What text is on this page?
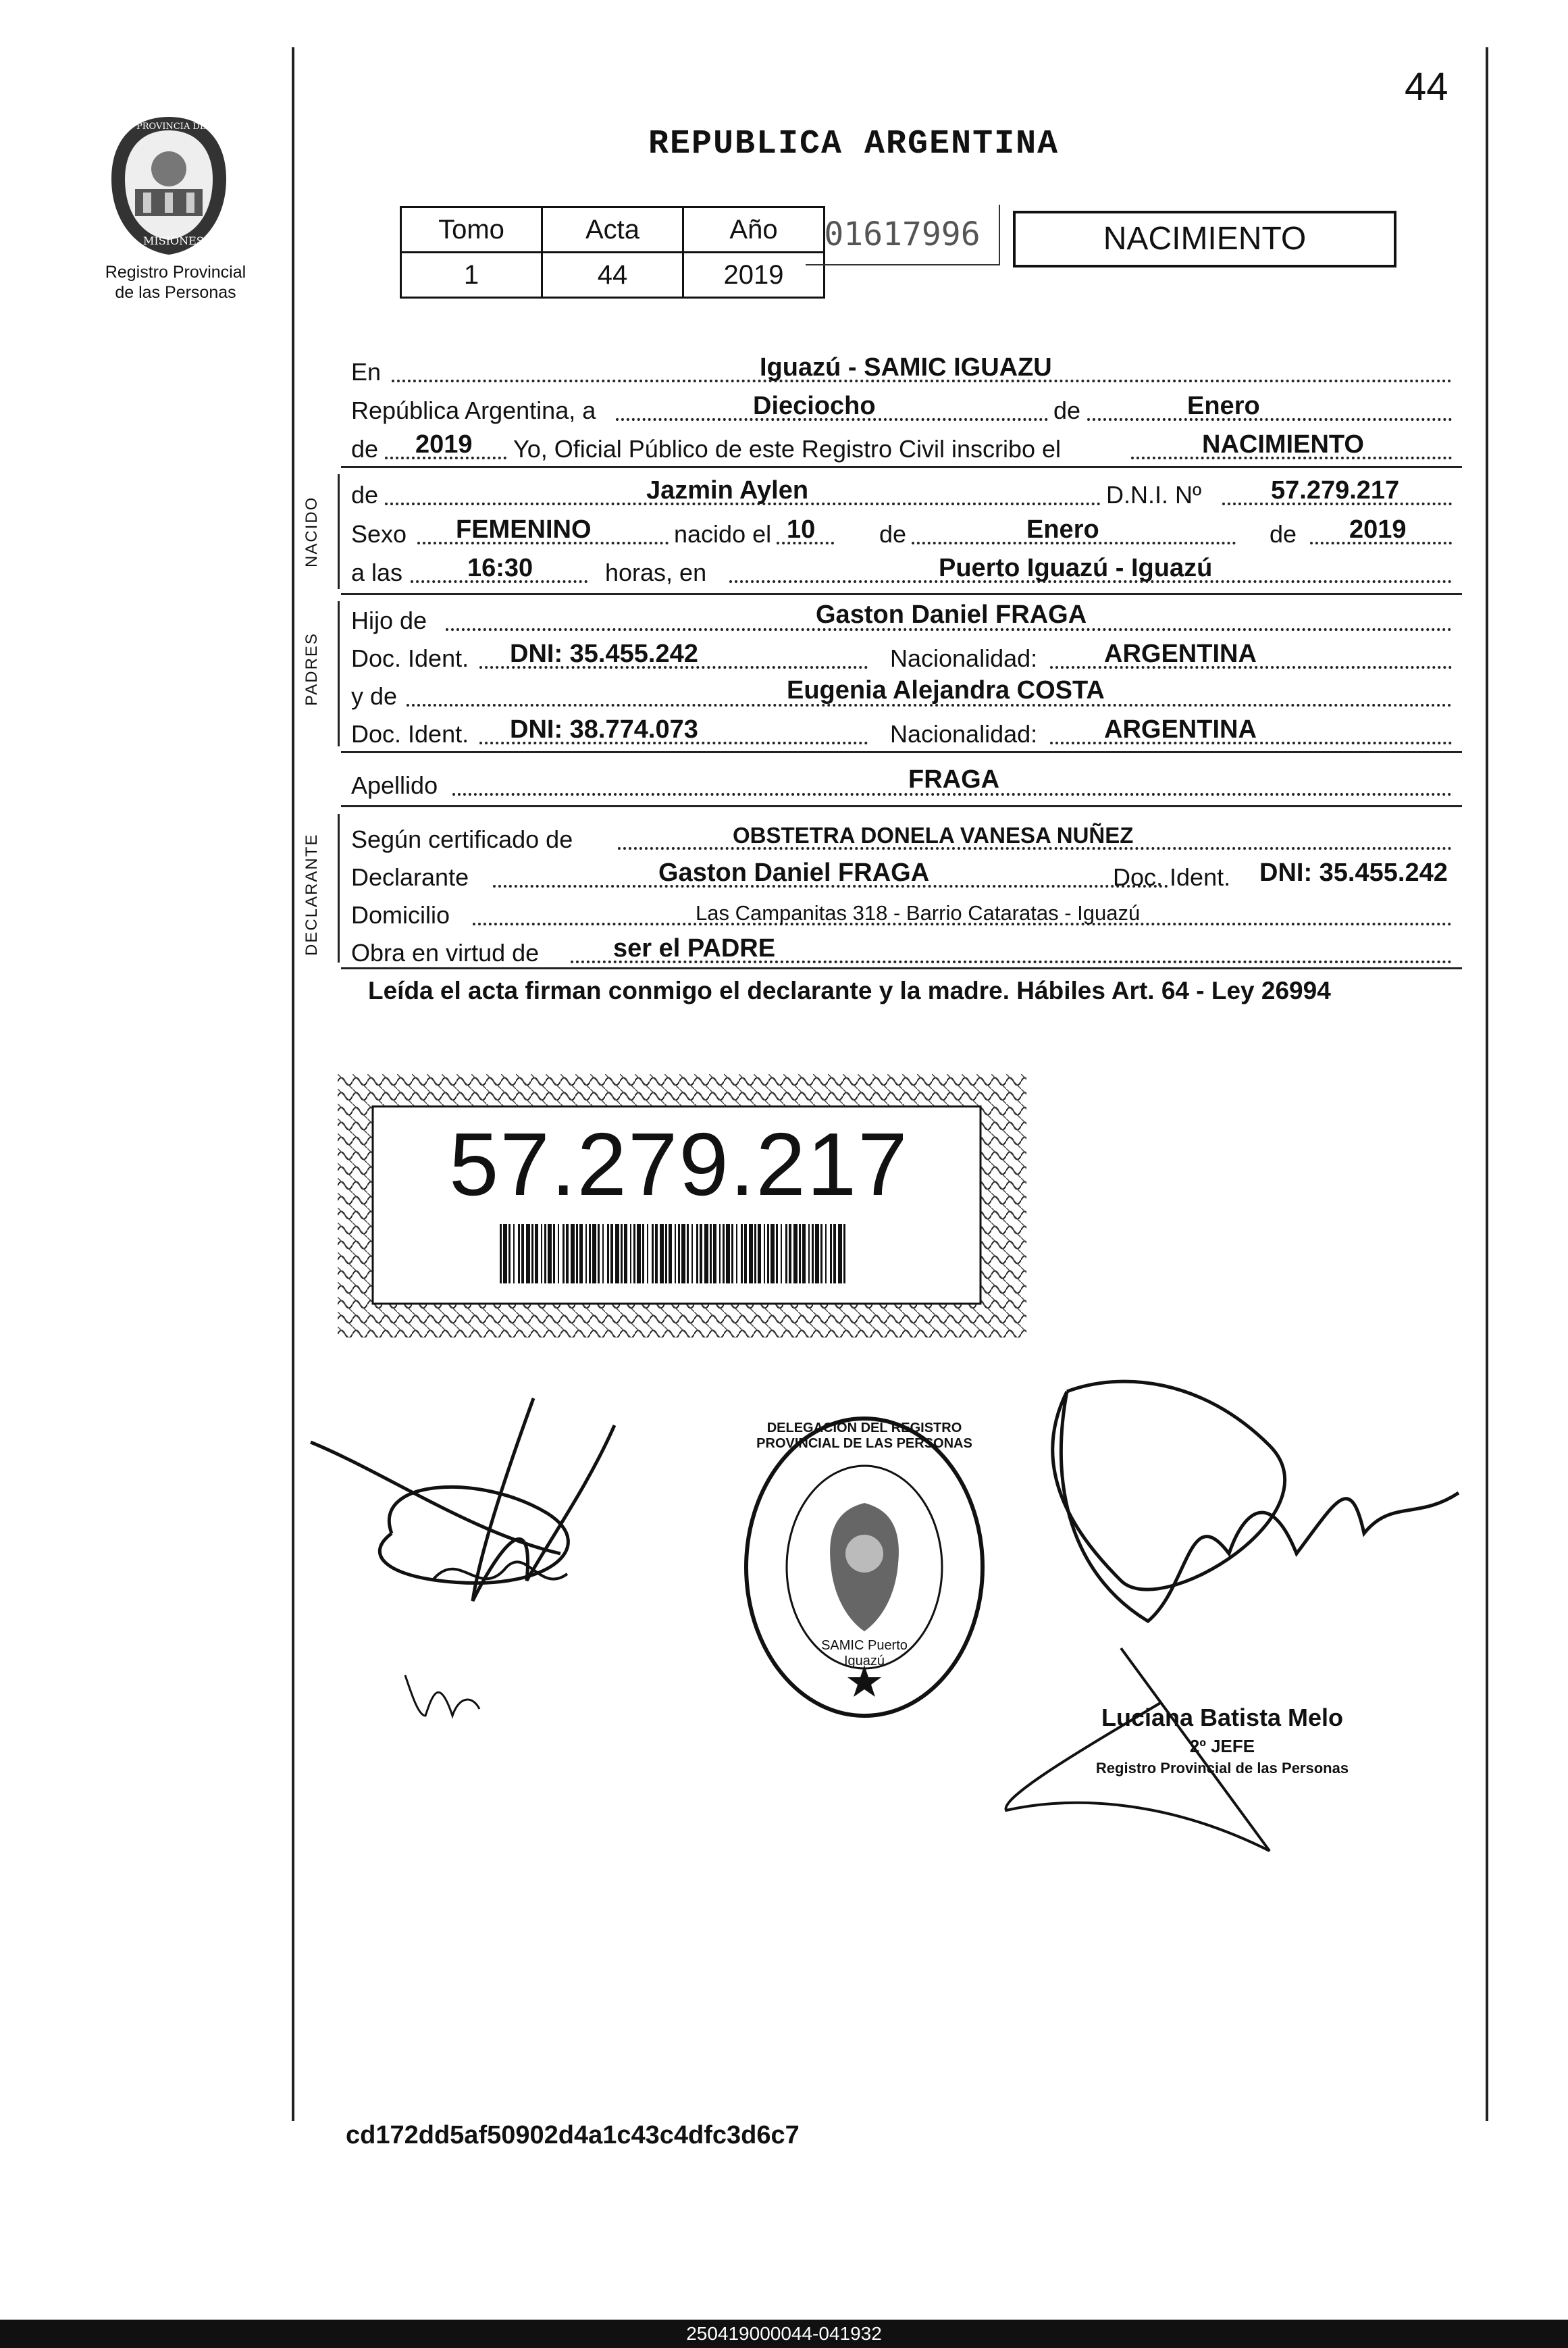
44
PROVINCIA DE
MISIONES
Registro Provincial
de las Personas
REPUBLICA ARGENTINA
Tomo	Acta	Año
1	44	2019
01617996	NACIMIENTO
En	Iguazú - SAMIC IGUAZU
República Argentina, a	Dieciocho	de	Enero
de 2019 Yo, Oficial Público de este Registro Civil inscribo el	NACIMIENTO
NACIDO
de	Jazmin Aylen	D.N.I. Nº	57.279.217
Sexo FEMENINO	nacido el 10	de	Enero	de 2019
a las	16:30	horas, en	Puerto Iguazú - Iguazú
PADRES
Hijo de	Gaston Daniel FRAGA
Doc. Ident. DNI: 35.455.242	Nacionalidad:	ARGENTINA
y de	Eugenia Alejandra COSTA
Doc. Ident. DNI: 38.774.073	Nacionalidad:	ARGENTINA
Apellido	FRAGA
DECLARANTE Según certificado de	OBSTETRA DONELA VANESA NUÑEZ
Declarante	Gaston Daniel FRAGA	Doc. Ident. DNI: 35.455.242
Domicilio	Las Campanitas 318 - Barrio Cataratas - Iguazú
Obra en virtud de	ser el PADRE
Leída el acta firman conmigo el declarante y la madre. Hábiles Art. 64 - Ley 26994
57.279.217
DELEGACION DEL REGISTRO PROVINCIAL DE LAS PERSONAS
SAMIC Puerto Iguazú
Luciana Batista Melo
2º JEFE
Registro Provincial de las Personas
cd172dd5af50902d4a1c43c4dfc3d6c7
250419000044-041932
